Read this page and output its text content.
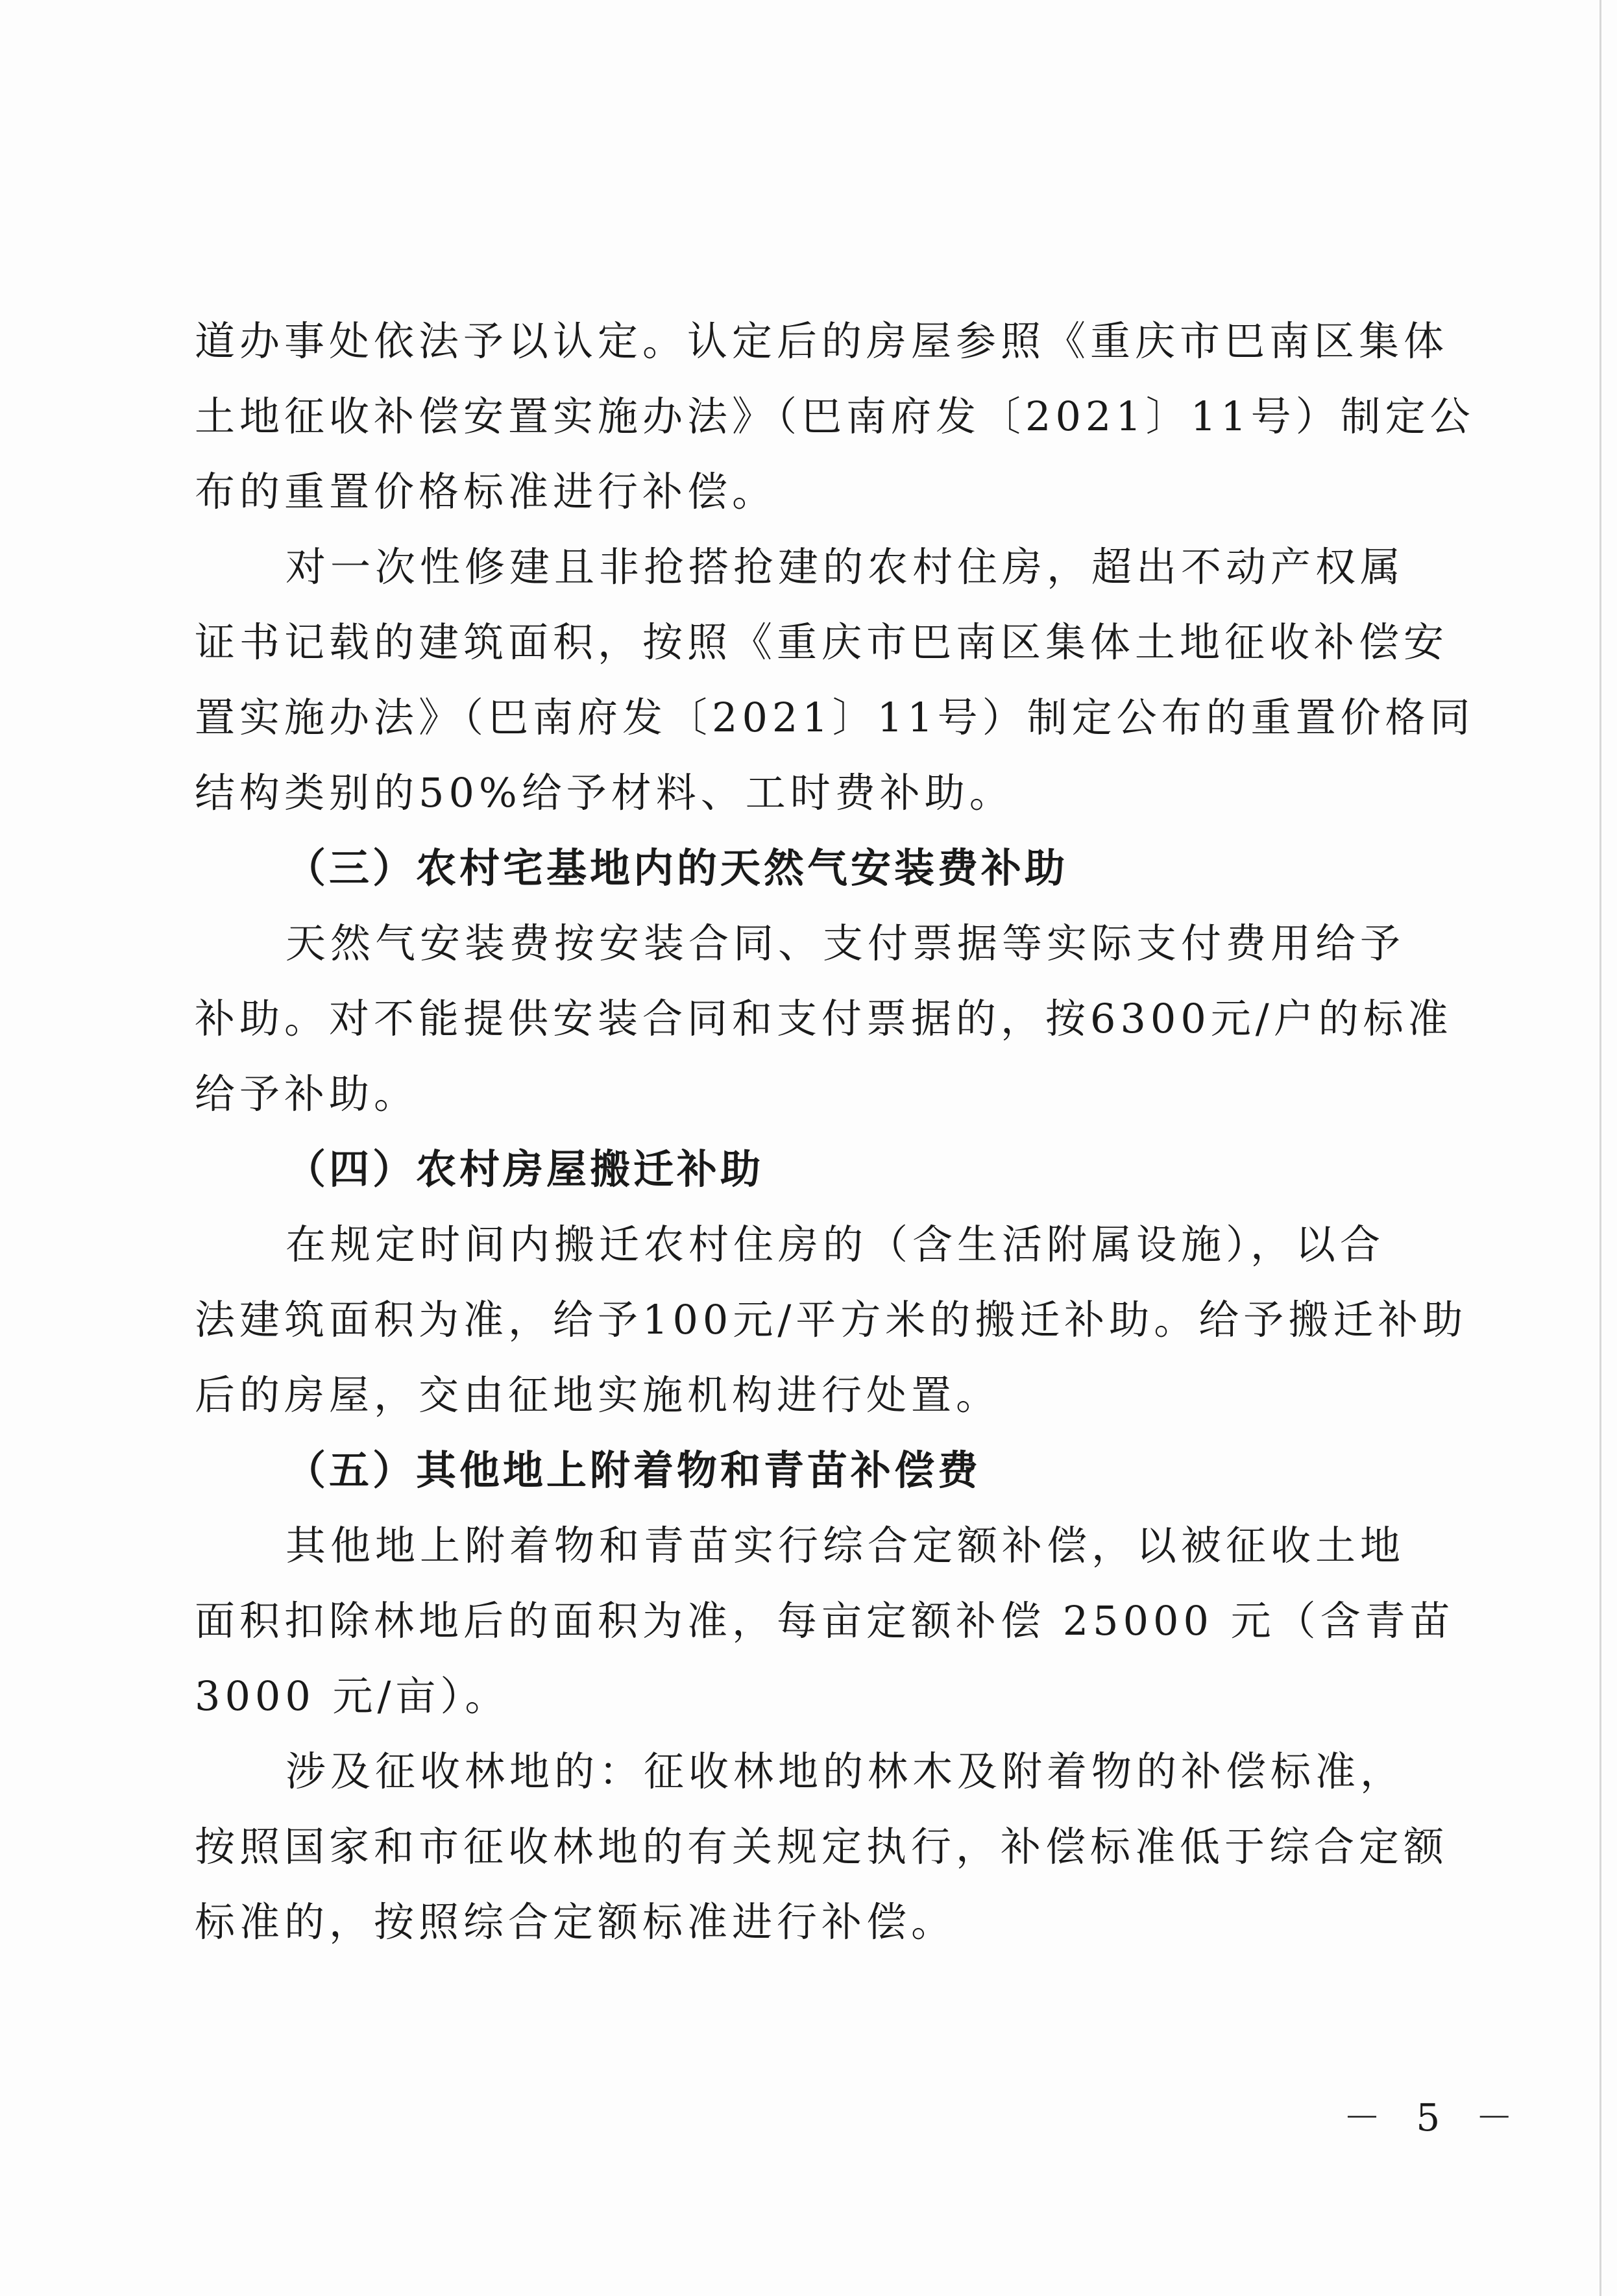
道办事处依法予以认定。认定后的房屋参照《重庆市巴南区集体
土地征收补偿安置实施办法》（巴南府发〔2021〕11号）制定公
布的重置价格标准进行补偿。
对一次性修建且非抢搭抢建的农村住房，超出不动产权属
证书记载的建筑面积，按照《重庆市巴南区集体土地征收补偿安
置实施办法》（巴南府发〔2021〕11号）制定公布的重置价格同
结构类别的50%给予材料、工时费补助。
（三）农村宅基地内的天然气安装费补助
天然气安装费按安装合同、支付票据等实际支付费用给予
补助。对不能提供安装合同和支付票据的，按6300元/户的标准
给予补助。
（四）农村房屋搬迁补助
在规定时间内搬迁农村住房的（含生活附属设施），以合
法建筑面积为准，给予100元/平方米的搬迁补助。给予搬迁补助
后的房屋，交由征地实施机构进行处置。
（五）其他地上附着物和青苗补偿费
其他地上附着物和青苗实行综合定额补偿，以被征收土地
面积扣除林地后的面积为准，每亩定额补偿 25000 元（含青苗
3000 元/亩）。
涉及征收林地的：征收林地的林木及附着物的补偿标准，
按照国家和市征收林地的有关规定执行，补偿标准低于综合定额
标准的，按照综合定额标准进行补偿。
－ 5 －
